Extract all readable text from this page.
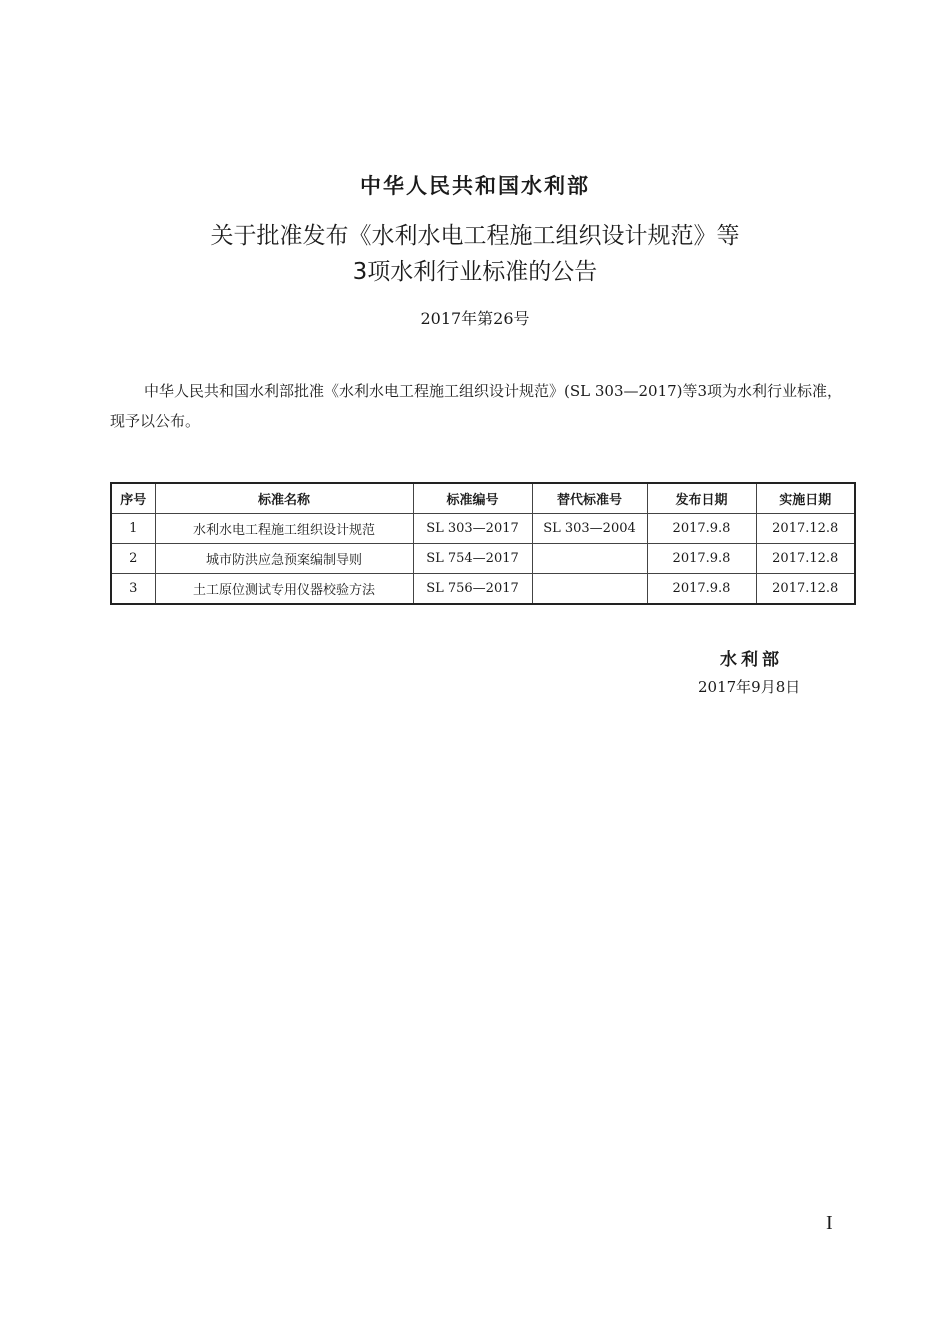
中华人民共和国水利部
关于批准发布《水利水电工程施工组织设计规范》等
3项水利行业标准的公告
2017年第26号
中华人民共和国水利部批准《水利水电工程施工组织设计规范》(SL 303—2017)等3项为水利行业标准，现予以公布。
序号	标准名称	标准编号	替代标准号	发布日期	实施日期
1	水利水电工程施工组织设计规范	SL 303—2017	SL 303—2004	2017.9.8	2017.12.8
2	城市防洪应急预案编制导则	SL 754—2017		2017.9.8	2017.12.8
3	土工原位测试专用仪器校验方法	SL 756—2017		2017.9.8	2017.12.8
水利部
2017年9月8日
I
